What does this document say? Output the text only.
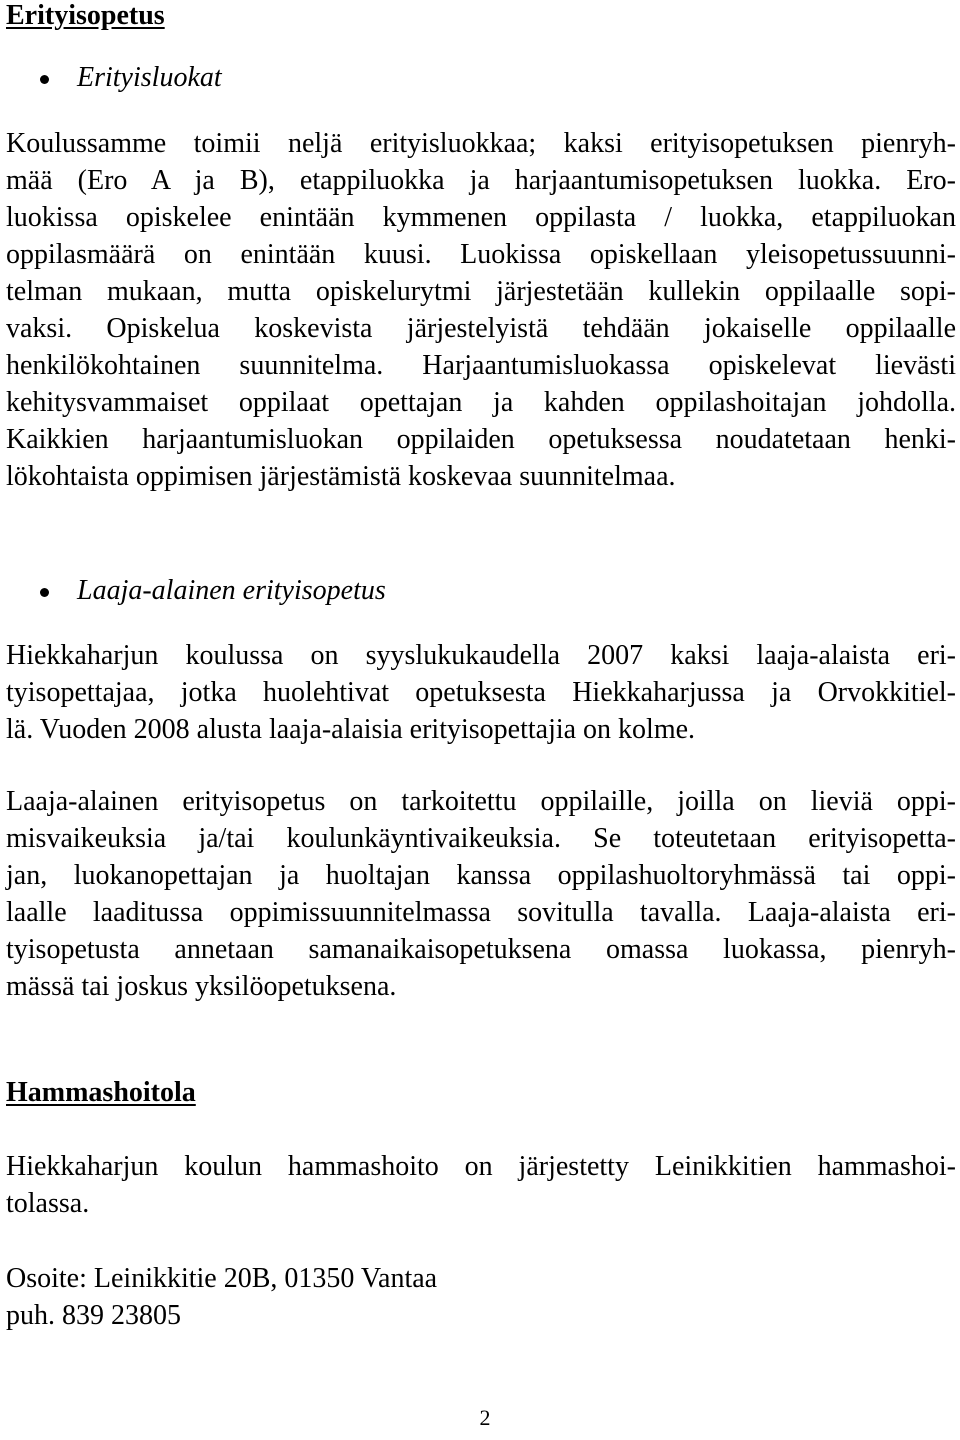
Erityisopetus
Erityisluokat
Koulussamme toimii neljä erityisluokkaa; kaksi erityisopetuksen pienryh-
mää (Ero A ja B), etappiluokka ja harjaantumisopetuksen luokka. Ero-
luokissa opiskelee enintään kymmenen oppilasta / luokka, etappiluokan
oppilasmäärä on enintään kuusi. Luokissa opiskellaan yleisopetussuunni-
telman mukaan, mutta opiskelurytmi järjestetään kullekin oppilaalle sopi-
vaksi. Opiskelua koskevista järjestelyistä tehdään jokaiselle oppilaalle
henkilökohtainen suunnitelma. Harjaantumisluokassa opiskelevat lievästi
kehitysvammaiset oppilaat opettajan ja kahden oppilashoitajan johdolla.
Kaikkien harjaantumisluokan oppilaiden opetuksessa noudatetaan henki-
lökohtaista oppimisen järjestämistä koskevaa suunnitelmaa.
Laaja-alainen erityisopetus
Hiekkaharjun koulussa on syyslukukaudella 2007 kaksi laaja-alaista eri-
tyisopettajaa, jotka huolehtivat opetuksesta Hiekkaharjussa ja Orvokkitiel-
lä. Vuoden 2008 alusta laaja-alaisia erityisopettajia on kolme.
Laaja-alainen erityisopetus on tarkoitettu oppilaille, joilla on lieviä oppi-
misvaikeuksia ja/tai koulunkäyntivaikeuksia. Se toteutetaan erityisopetta-
jan, luokanopettajan ja huoltajan kanssa oppilashuoltoryhmässä tai oppi-
laalle laaditussa oppimissuunnitelmassa sovitulla tavalla. Laaja-alaista eri-
tyisopetusta annetaan samanaikaisopetuksena omassa luokassa, pienryh-
mässä tai joskus yksilöopetuksena.
Hammashoitola
Hiekkaharjun koulun hammashoito on järjestetty Leinikkitien hammashoi-
tolassa.
Osoite: Leinikkitie 20B, 01350 Vantaa
puh. 839 23805
2
